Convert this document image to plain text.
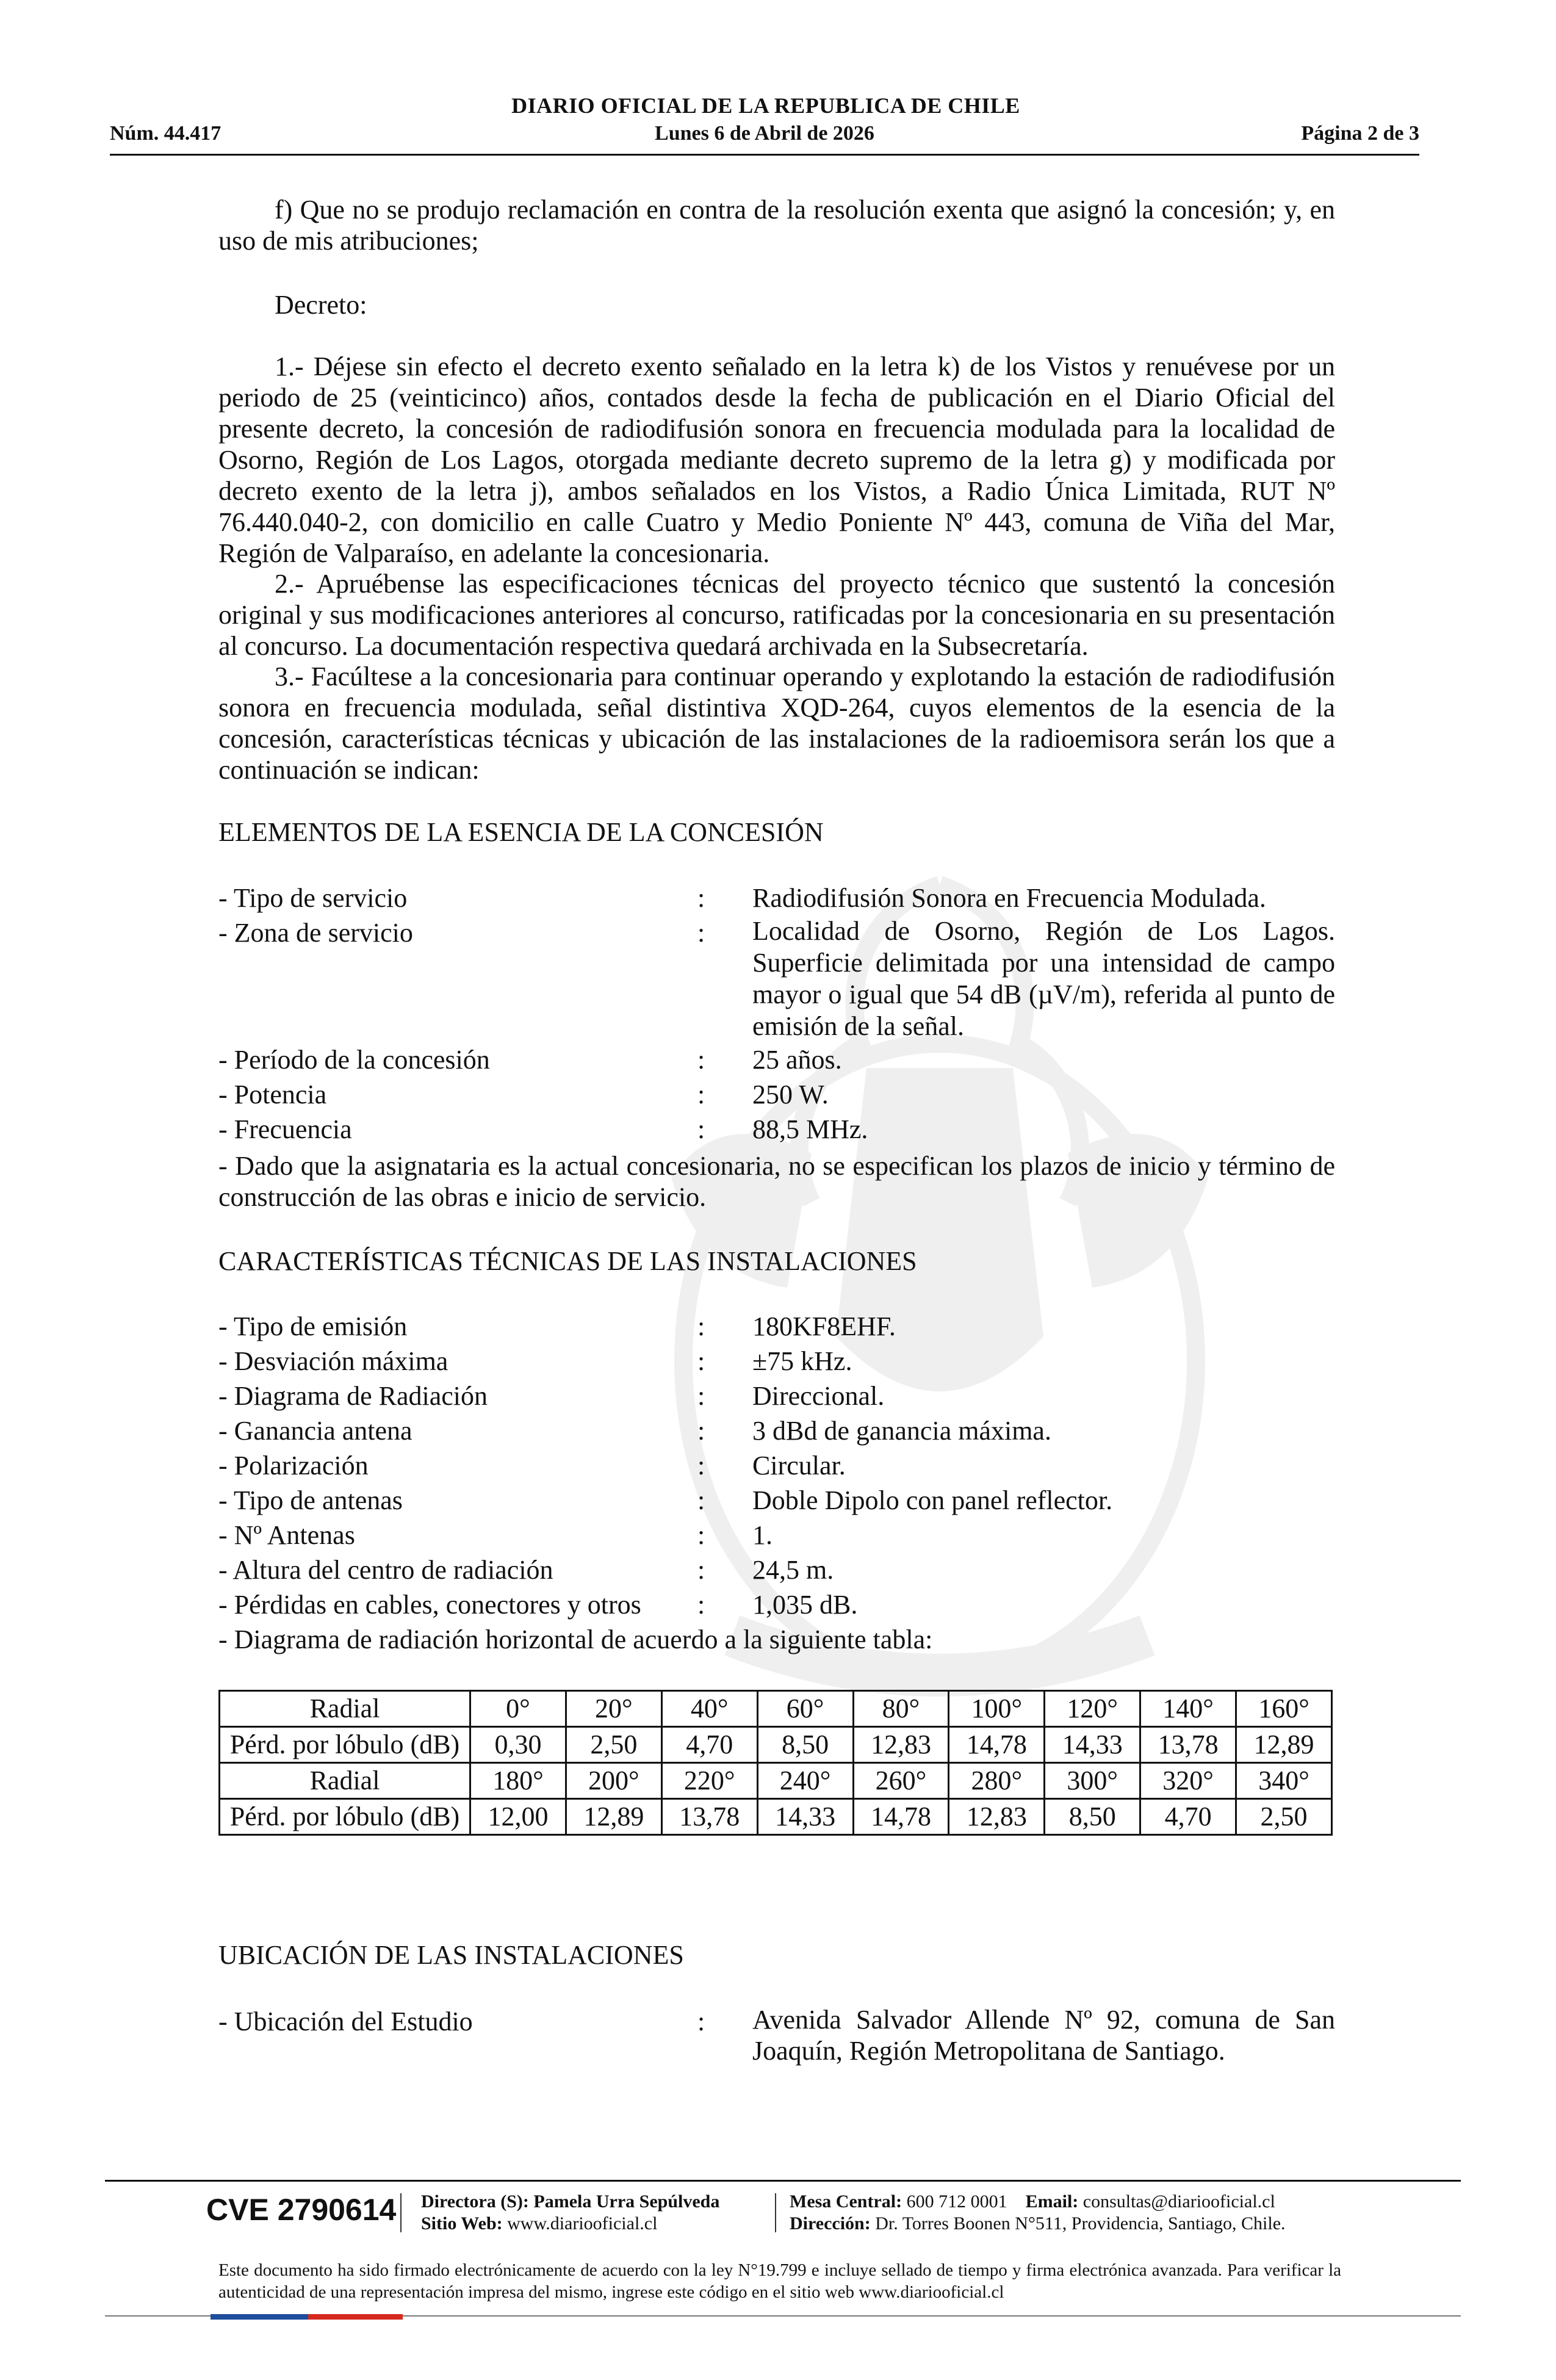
DIARIO OFICIAL DE LA REPUBLICA DE CHILE
Núm. 44.417	Lunes 6 de Abril de 2026	Página 2 de 3
f) Que no se produjo reclamación en contra de la resolución exenta que asignó la concesión; y, en uso de mis atribuciones;
Decreto:
1.- Déjese sin efecto el decreto exento señalado en la letra k) de los Vistos y renuévese por un periodo de 25 (veinticinco) años, contados desde la fecha de publicación en el Diario Oficial del presente decreto, la concesión de radiodifusión sonora en frecuencia modulada para la localidad de Osorno, Región de Los Lagos, otorgada mediante decreto supremo de la letra g) y modificada por decreto exento de la letra j), ambos señalados en los Vistos, a Radio Única Limitada, RUT Nº 76.440.040-2, con domicilio en calle Cuatro y Medio Poniente Nº 443, comuna de Viña del Mar, Región de Valparaíso, en adelante la concesionaria.
2.- Apruébense las especificaciones técnicas del proyecto técnico que sustentó la concesión original y sus modificaciones anteriores al concurso, ratificadas por la concesionaria en su presentación al concurso. La documentación respectiva quedará archivada en la Subsecretaría.
3.- Facúltese a la concesionaria para continuar operando y explotando la estación de radiodifusión sonora en frecuencia modulada, señal distintiva XQD-264, cuyos elementos de la esencia de la concesión, características técnicas y ubicación de las instalaciones de la radioemisora serán los que a continuación se indican:
ELEMENTOS DE LA ESENCIA DE LA CONCESIÓN
- Tipo de servicio	: Radiodifusión Sonora en Frecuencia Modulada.
- Zona de servicio	: Localidad de Osorno, Región de Los Lagos. Superficie delimitada por una intensidad de campo mayor o igual que 54 dB (µV/m), referida al punto de emisión de la señal.
- Período de la concesión	: 25 años.
- Potencia	: 250 W.
- Frecuencia	: 88,5 MHz.
- Dado que la asignataria es la actual concesionaria, no se especifican los plazos de inicio y término de construcción de las obras e inicio de servicio.
CARACTERÍSTICAS TÉCNICAS DE LAS INSTALACIONES
- Tipo de emisión	: 180KF8EHF.
- Desviación máxima	: ±75 kHz.
- Diagrama de Radiación	: Direccional.
- Ganancia antena	: 3 dBd de ganancia máxima.
- Polarización	: Circular.
- Tipo de antenas	: Doble Dipolo con panel reflector.
- Nº Antenas	: 1.
- Altura del centro de radiación	: 24,5 m.
- Pérdidas en cables, conectores y otros : 1,035 dB.
- Diagrama de radiación horizontal de acuerdo a la siguiente tabla:
Radial	0°	20°	40°	60°	80°	100°	120°	140°	160°
Pérd. por lóbulo (dB)	0,30	2,50	4,70	8,50	12,83	14,78	14,33	13,78	12,89
Radial	180°	200°	220°	240°	260°	280°	300°	320°	340°
Pérd. por lóbulo (dB)	12,00	12,89	13,78	14,33	14,78	12,83	8,50	4,70	2,50
UBICACIÓN DE LAS INSTALACIONES
- Ubicación del Estudio	: Avenida Salvador Allende Nº 92, comuna de San Joaquín, Región Metropolitana de Santiago.
CVE 2790614 Directora (S): Pamela Urra Sepúlveda
Sitio Web: www.diariooficial.cl
Mesa Central: 600 712 0001 Email: consultas@diariooficial.cl
Dirección: Dr. Torres Boonen N°511, Providencia, Santiago, Chile.
Este documento ha sido firmado electrónicamente de acuerdo con la ley N°19.799 e incluye sellado de tiempo y firma electrónica avanzada. Para verificar la autenticidad de una representación impresa del mismo, ingrese este código en el sitio web www.diariooficial.cl
